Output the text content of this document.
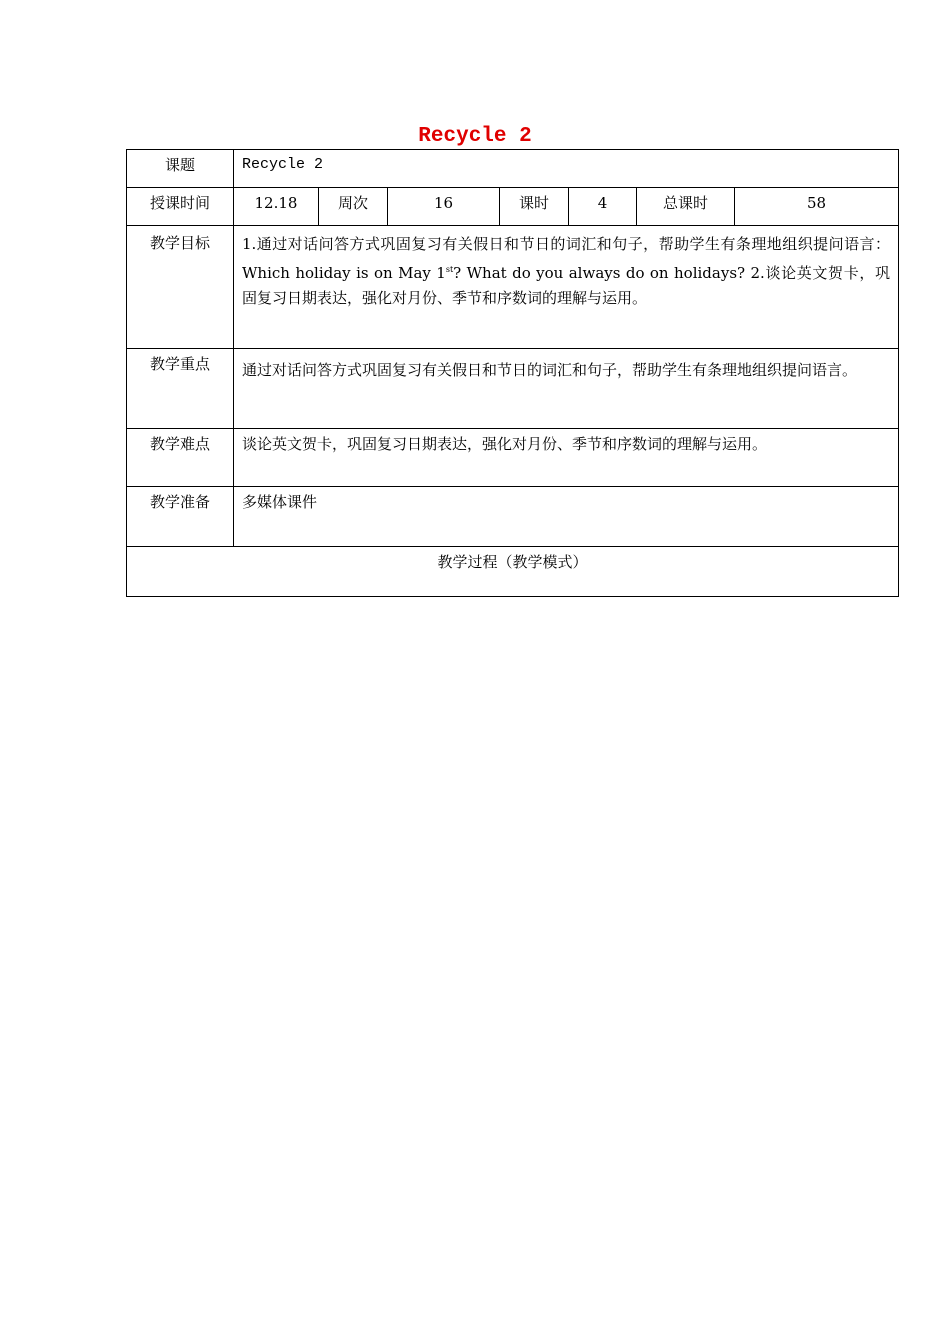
Recycle 2
课题	Recycle 2						
授课时间	12.18	周次	16	课时	4	总课时	58
教学目标	1.通过对话问答方式巩固复习有关假日和节日的词汇和句子，帮助学生有条理地组织提问语言：Which holiday is on May 1st? What do you always do on holidays? 2.谈论英文贺卡，巩固复习日期表达，强化对月份、季节和序数词的理解与运用。						
教学重点	通过对话问答方式巩固复习有关假日和节日的词汇和句子，帮助学生有条理地组织提问语言。						
教学难点	谈论英文贺卡，巩固复习日期表达，强化对月份、季节和序数词的理解与运用。						
教学准备	多媒体课件						
教学过程（教学模式）							
